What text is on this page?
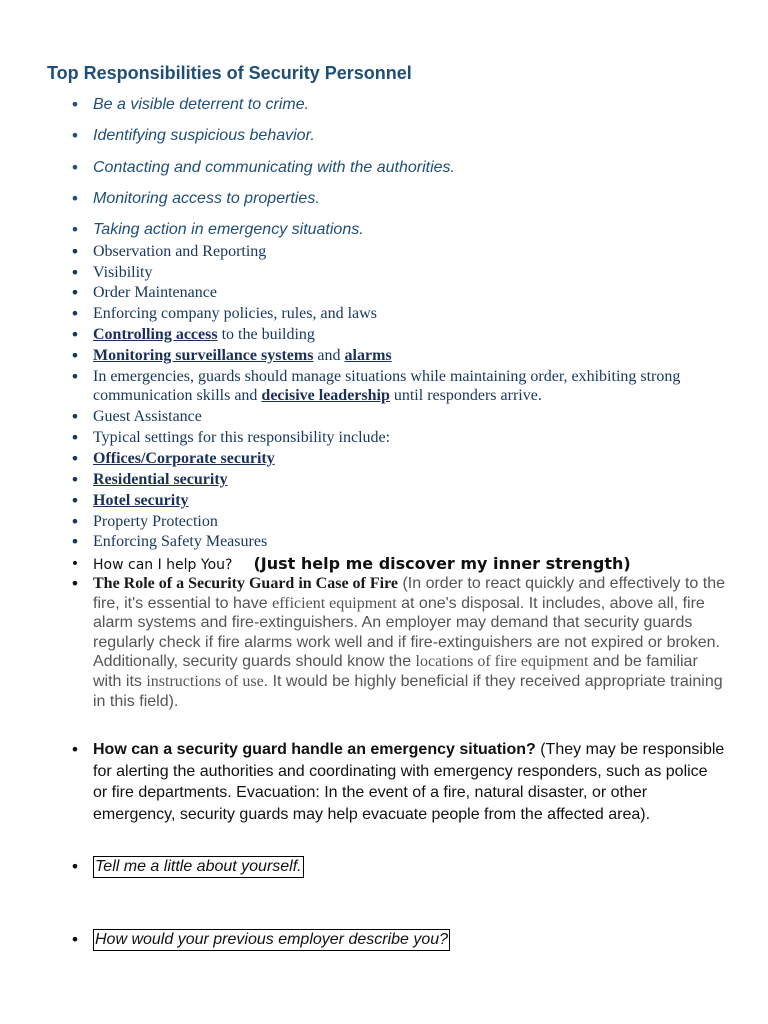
Top Responsibilities of Security Personnel

• Be a visible deterrent to crime.

• Identifying suspicious behavior.

• Contacting and communicating with the authorities.

• Monitoring access to properties.

• Taking action in emergency situations.

• Observation and Reporting

• Visibility

• Order Maintenance

• Enforcing company policies, rules, and laws

• Controlling access to the building

• Monitoring surveillance systems and alarms

• In emergencies, guards should manage situations while maintaining order, exhibiting strong communication skills and decisive leadership until responders arrive.

• Guest Assistance

• Typical settings for this responsibility include:

• Offices/Corporate security

• Residential security

• Hotel security

• Property Protection

• Enforcing Safety Measures

• How can I help You? (Just help me discover my inner strength)

• The Role of a Security Guard in Case of Fire (In order to react quickly and effectively to the fire, it's essential to have efficient equipment at one's disposal. It includes, above all, fire alarm systems and fire-extinguishers. An employer may demand that security guards regularly check if fire alarms work well and if fire-extinguishers are not expired or broken. Additionally, security guards should know the locations of fire equipment and be familiar with its instructions of use. It would be highly beneficial if they received appropriate training in this field).

• How can a security guard handle an emergency situation? (They may be responsible for alerting the authorities and coordinating with emergency responders, such as police or fire departments. Evacuation: In the event of a fire, natural disaster, or other emergency, security guards may help evacuate people from the affected area).

• Tell me a little about yourself.

• How would your previous employer describe you?
